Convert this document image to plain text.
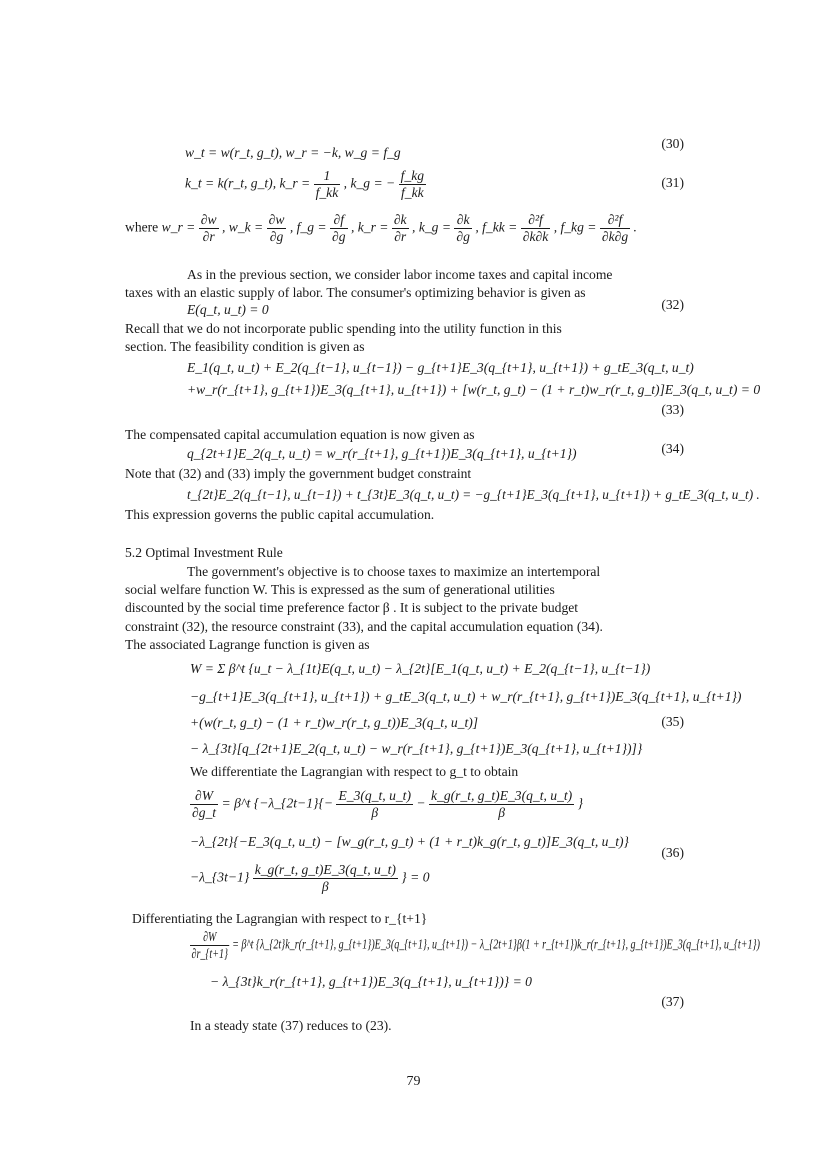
w_t = w(r_t, g_t), w_r = −k, w_g = f_g
(30)
k_t = k(r_t, g_t), k_r = $\frac{1}{f\_kk}$ , k_g = − $\frac{f\_kg}{f\_kk}$	(31)
where w_r = $\frac{\partial w}{\partial r}$ , w_k = $\frac{\partial w}{\partial g}$ , f_g = $\frac{\partial f}{\partial g}$ , k_r = $\frac{\partial k}{\partial r}$ , k_g = $\frac{\partial k}{\partial g}$ , f_kk = $\frac{\text{∂²f}}{\partial k\partial k}$ , f_kg = $\frac{\text{∂²f}}{\partial k\partial g}$ .
As in the previous section, we consider labor income taxes and capital income
taxes with an elastic supply of labor. The consumer's optimizing behavior is given as
E(q_t, u_t) = 0	(32)
Recall that we do not incorporate public spending into the utility function in this
section. The feasibility condition is given as
E_1(q_t, u_t) + E_2(q_{t−1}, u_{t−1}) − g_{t+1}E_3(q_{t+1}, u_{t+1}) + g_tE_3(q_t, u_t)
+w_r(r_{t+1}, g_{t+1})E_3(q_{t+1}, u_{t+1}) + [w(r_t, g_t) − (1 + r_t)w_r(r_t, g_t)]E_3(q_t, u_t) = 0
(33)
The compensated capital accumulation equation is now given as
q_{2t+1}E_2(q_t, u_t) = w_r(r_{t+1}, g_{t+1})E_3(q_{t+1}, u_{t+1})	(34)
Note that (32) and (33) imply the government budget constraint
t_{2t}E_2(q_{t−1}, u_{t−1}) + t_{3t}E_3(q_t, u_t) = −g_{t+1}E_3(q_{t+1}, u_{t+1}) + g_tE_3(q_t, u_t) .
This expression governs the public capital accumulation.
5.2 Optimal Investment Rule
The government's objective is to choose taxes to maximize an intertemporal
social welfare function W. This is expressed as the sum of generational utilities
discounted by the social time preference factor β . It is subject to the private budget
constraint (32), the resource constraint (33), and the capital accumulation equation (34).
The associated Lagrange function is given as
W = Σ β^t {u_t − λ_{1t}E(q_t, u_t) − λ_{2t}[E_1(q_t, u_t) + E_2(q_{t−1}, u_{t−1})
−g_{t+1}E_3(q_{t+1}, u_{t+1}) + g_tE_3(q_t, u_t) + w_r(r_{t+1}, g_{t+1})E_3(q_{t+1}, u_{t+1})
+(w(r_t, g_t) − (1 + r_t)w_r(r_t, g_t))E_3(q_t, u_t)]	(35)
− λ_{3t}[q_{2t+1}E_2(q_t, u_t) − w_r(r_{t+1}, g_{t+1})E_3(q_{t+1}, u_{t+1})]}
We differentiate the Lagrangian with respect to g_t to obtain
$\frac{\partial W}{\partial g\_t}$ = β^t {−λ_{2t−1}{− $\frac{E\_3(q\_t, u\_t)}{\beta} - \frac{k\_g(r\_t, g\_t)E\_3(q\_t, u\_t)}{\beta}$ }
−λ_{2t}{−E_3(q_t, u_t) − [w_g(r_t, g_t) + (1 + r_t)k_g(r_t, g_t)]E_3(q_t, u_t)}
(36)
−λ_{3t−1} $\frac{k\_g(r\_t, g\_t)E\_3(q\_t, u\_t)}{\beta}$ } = 0
Differentiating the Lagrangian with respect to r_{t+1}
$\frac{\partial W}{\partial r\_\{t+1\}}$ = β^t {λ_{2t}k_r(r_{t+1}, g_{t+1})E_3(q_{t+1}, u_{t+1}) − λ_{2t+1}β(1 + r_{t+1})k_r(r_{t+1}, g_{t+1})E_3(q_{t+1}, u_{t+1})
− λ_{3t}k_r(r_{t+1}, g_{t+1})E_3(q_{t+1}, u_{t+1})} = 0
(37)
In a steady state (37) reduces to (23).
79
